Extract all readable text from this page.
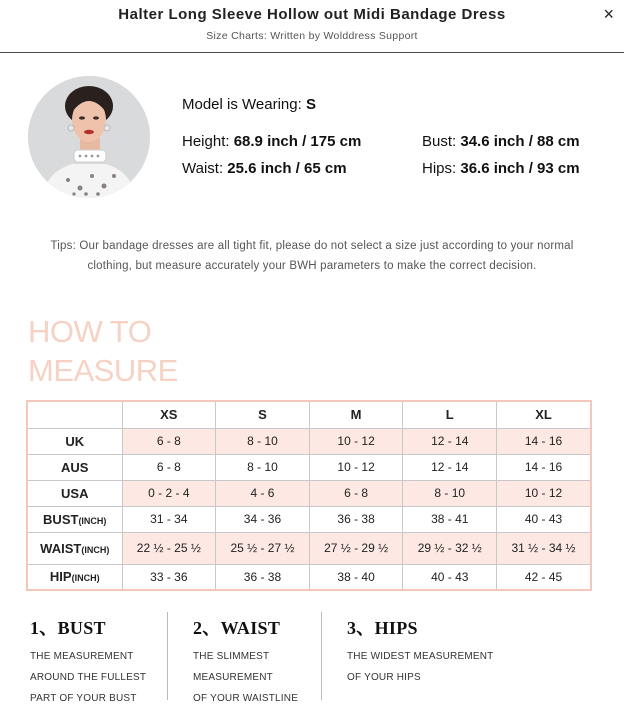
Halter Long Sleeve Hollow out Midi Bandage Dress
Size Charts: Written by Wolddress Support
×
Model is Wearing: S
Height: 68.9 inch / 175 cm	Bust: 34.6 inch / 88 cm
Waist: 25.6 inch / 65 cm	Hips: 36.6 inch / 93 cm
Tips: Our bandage dresses are all tight fit, please do not select a size just according to your normal
clothing, but measure accurately your BWH parameters to make the correct decision.
HOW TO
MEASURE
	XS	S	M	L	XL
UK	6 - 8	8 - 10	10 - 12	12 - 14	14 - 16
AUS	6 - 8	8 - 10	10 - 12	12 - 14	14 - 16
USA	0 - 2 - 4	4 - 6	6 - 8	8 - 10	10 - 12
BUST(INCH)	31 - 34	34 - 36	36 - 38	38 - 41	40 - 43
WAIST(INCH)	22 ½ - 25 ½	25 ½ - 27 ½	27 ½ - 29 ½	29 ½ - 32 ½	31 ½ - 34 ½
HIP(INCH)	33 - 36	36 - 38	38 - 40	40 - 43	42 - 45
1、BUST

THE MEASUREMENT

AROUND THE FULLEST

PART OF YOUR BUST

2、WAIST

THE SLIMMEST

MEASUREMENT

OF YOUR WAISTLINE

3、HIPS

THE WIDEST MEASUREMENT

OF YOUR HIPS
